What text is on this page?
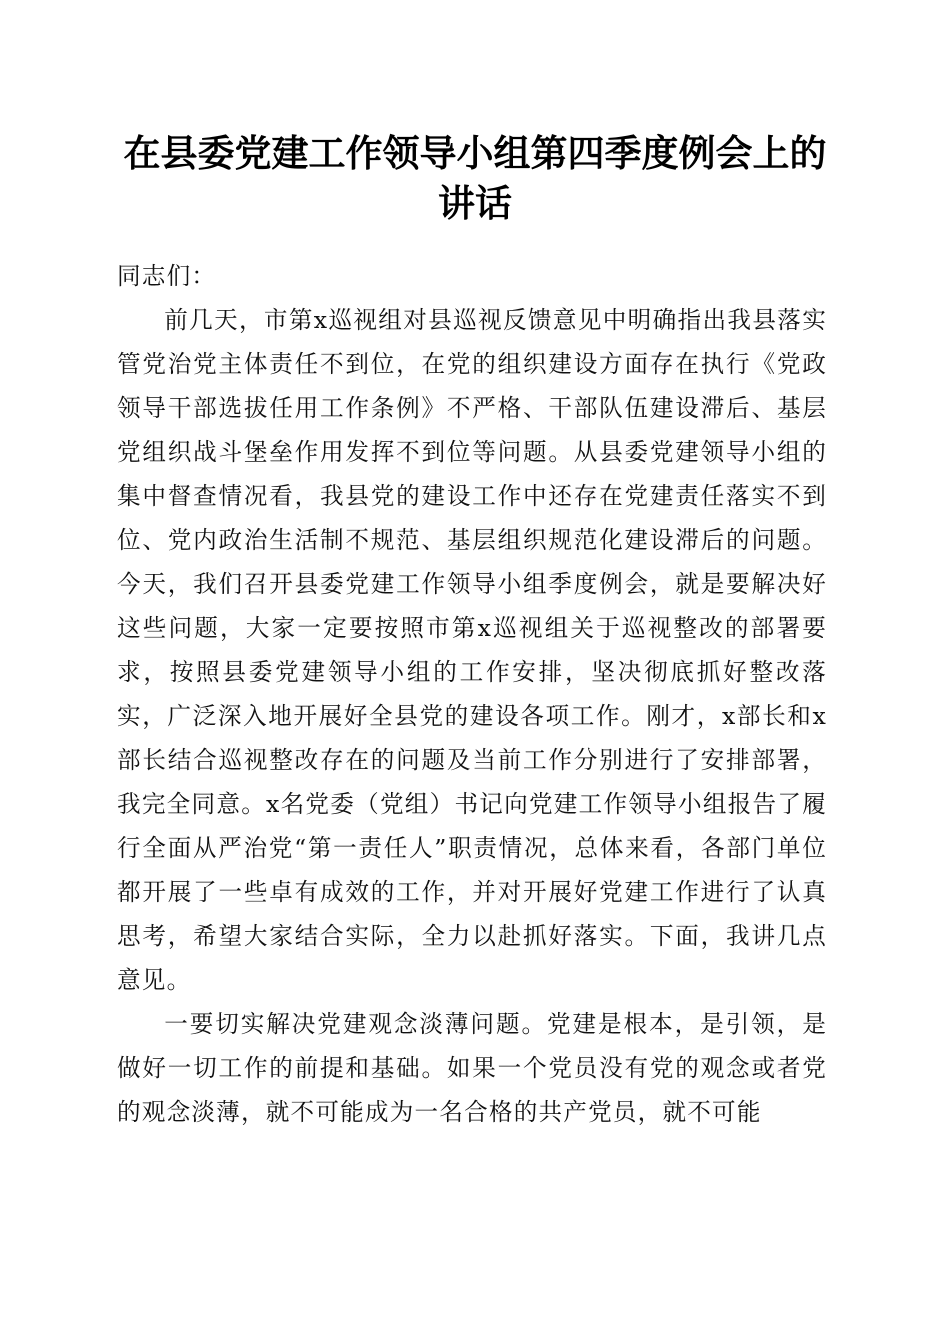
在县委党建工作领导小组第四季度例会上的讲话

同志们：

前几天，市第x巡视组对县巡视反馈意见中明确指出我县落实管党治党主体责任不到位，在党的组织建设方面存在执行《党政领导干部选拔任用工作条例》不严格、干部队伍建设滞后、基层党组织战斗堡垒作用发挥不到位等问题。从县委党建领导小组的集中督查情况看，我县党的建设工作中还存在党建责任落实不到位、党内政治生活制不规范、基层组织规范化建设滞后的问题。今天，我们召开县委党建工作领导小组季度例会，就是要解决好这些问题，大家一定要按照市第x巡视组关于巡视整改的部署要求，按照县委党建领导小组的工作安排，坚决彻底抓好整改落实，广泛深入地开展好全县党的建设各项工作。刚才，x部长和x部长结合巡视整改存在的问题及当前工作分别进行了安排部署，我完全同意。x名党委（党组）书记向党建工作领导小组报告了履行全面从严治党“第一责任人”职责情况，总体来看，各部门单位都开展了一些卓有成效的工作，并对开展好党建工作进行了认真思考，希望大家结合实际，全力以赴抓好落实。下面，我讲几点意见。

一要切实解决党建观念淡薄问题。党建是根本，是引领，是做好一切工作的前提和基础。如果一个党员没有党的观念或者党的观念淡薄，就不可能成为一名合格的共产党员，就不可能
